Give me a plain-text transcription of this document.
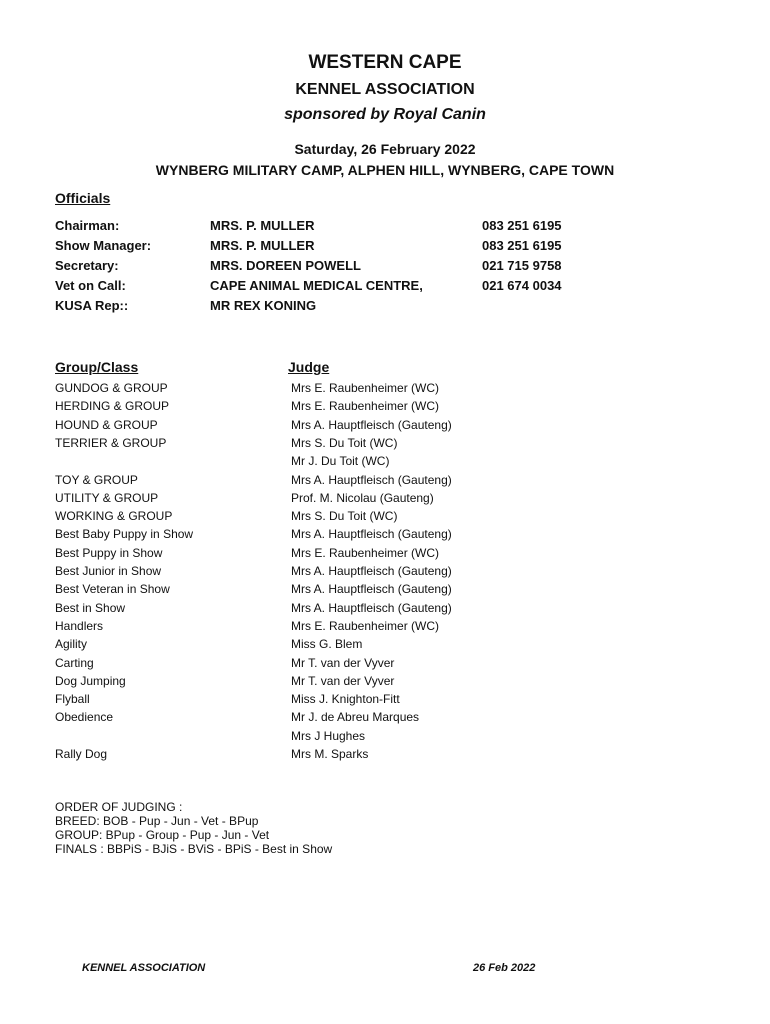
WESTERN CAPE
KENNEL ASSOCIATION
sponsored by Royal Canin
Saturday, 26 February 2022
WYNBERG MILITARY CAMP, ALPHEN HILL, WYNBERG, CAPE TOWN
Officials
Chairman:	MRS. P. MULLER	083 251 6195
Show Manager:	MRS. P. MULLER	083 251 6195
Secretary:	MRS. DOREEN POWELL	021 715 9758
Vet on Call:	CAPE ANIMAL MEDICAL CENTRE,	021 674 0034
KUSA Rep::	MR REX KONING
Group/Class	Judge
GUNDOG & GROUP	Mrs E. Raubenheimer (WC)
HERDING & GROUP	Mrs E. Raubenheimer (WC)
HOUND & GROUP	Mrs A. Hauptfleisch (Gauteng)
TERRIER & GROUP	Mrs S. Du Toit (WC)
Mr J. Du Toit (WC)
TOY & GROUP	Mrs A. Hauptfleisch (Gauteng)
UTILITY & GROUP	Prof. M. Nicolau (Gauteng)
WORKING & GROUP	Mrs S. Du Toit (WC)
Best Baby Puppy in Show	Mrs A. Hauptfleisch (Gauteng)
Best Puppy in Show	Mrs E. Raubenheimer (WC)
Best Junior in Show	Mrs A. Hauptfleisch (Gauteng)
Best Veteran in Show	Mrs A. Hauptfleisch (Gauteng)
Best in Show	Mrs A. Hauptfleisch (Gauteng)
Handlers	Mrs E. Raubenheimer (WC)
Agility	Miss G. Blem
Carting	Mr T. van der Vyver
Dog Jumping	Mr T. van der Vyver
Flyball	Miss J. Knighton-Fitt
Obedience	Mr J. de Abreu Marques
Mrs J Hughes
Rally Dog	Mrs M. Sparks
ORDER OF JUDGING :
BREED: BOB - Pup - Jun - Vet - BPup
GROUP: BPup - Group - Pup - Jun - Vet
FINALS : BBPiS - BJiS - BViS - BPiS - Best in Show
KENNEL ASSOCIATION	26 Feb 2022
